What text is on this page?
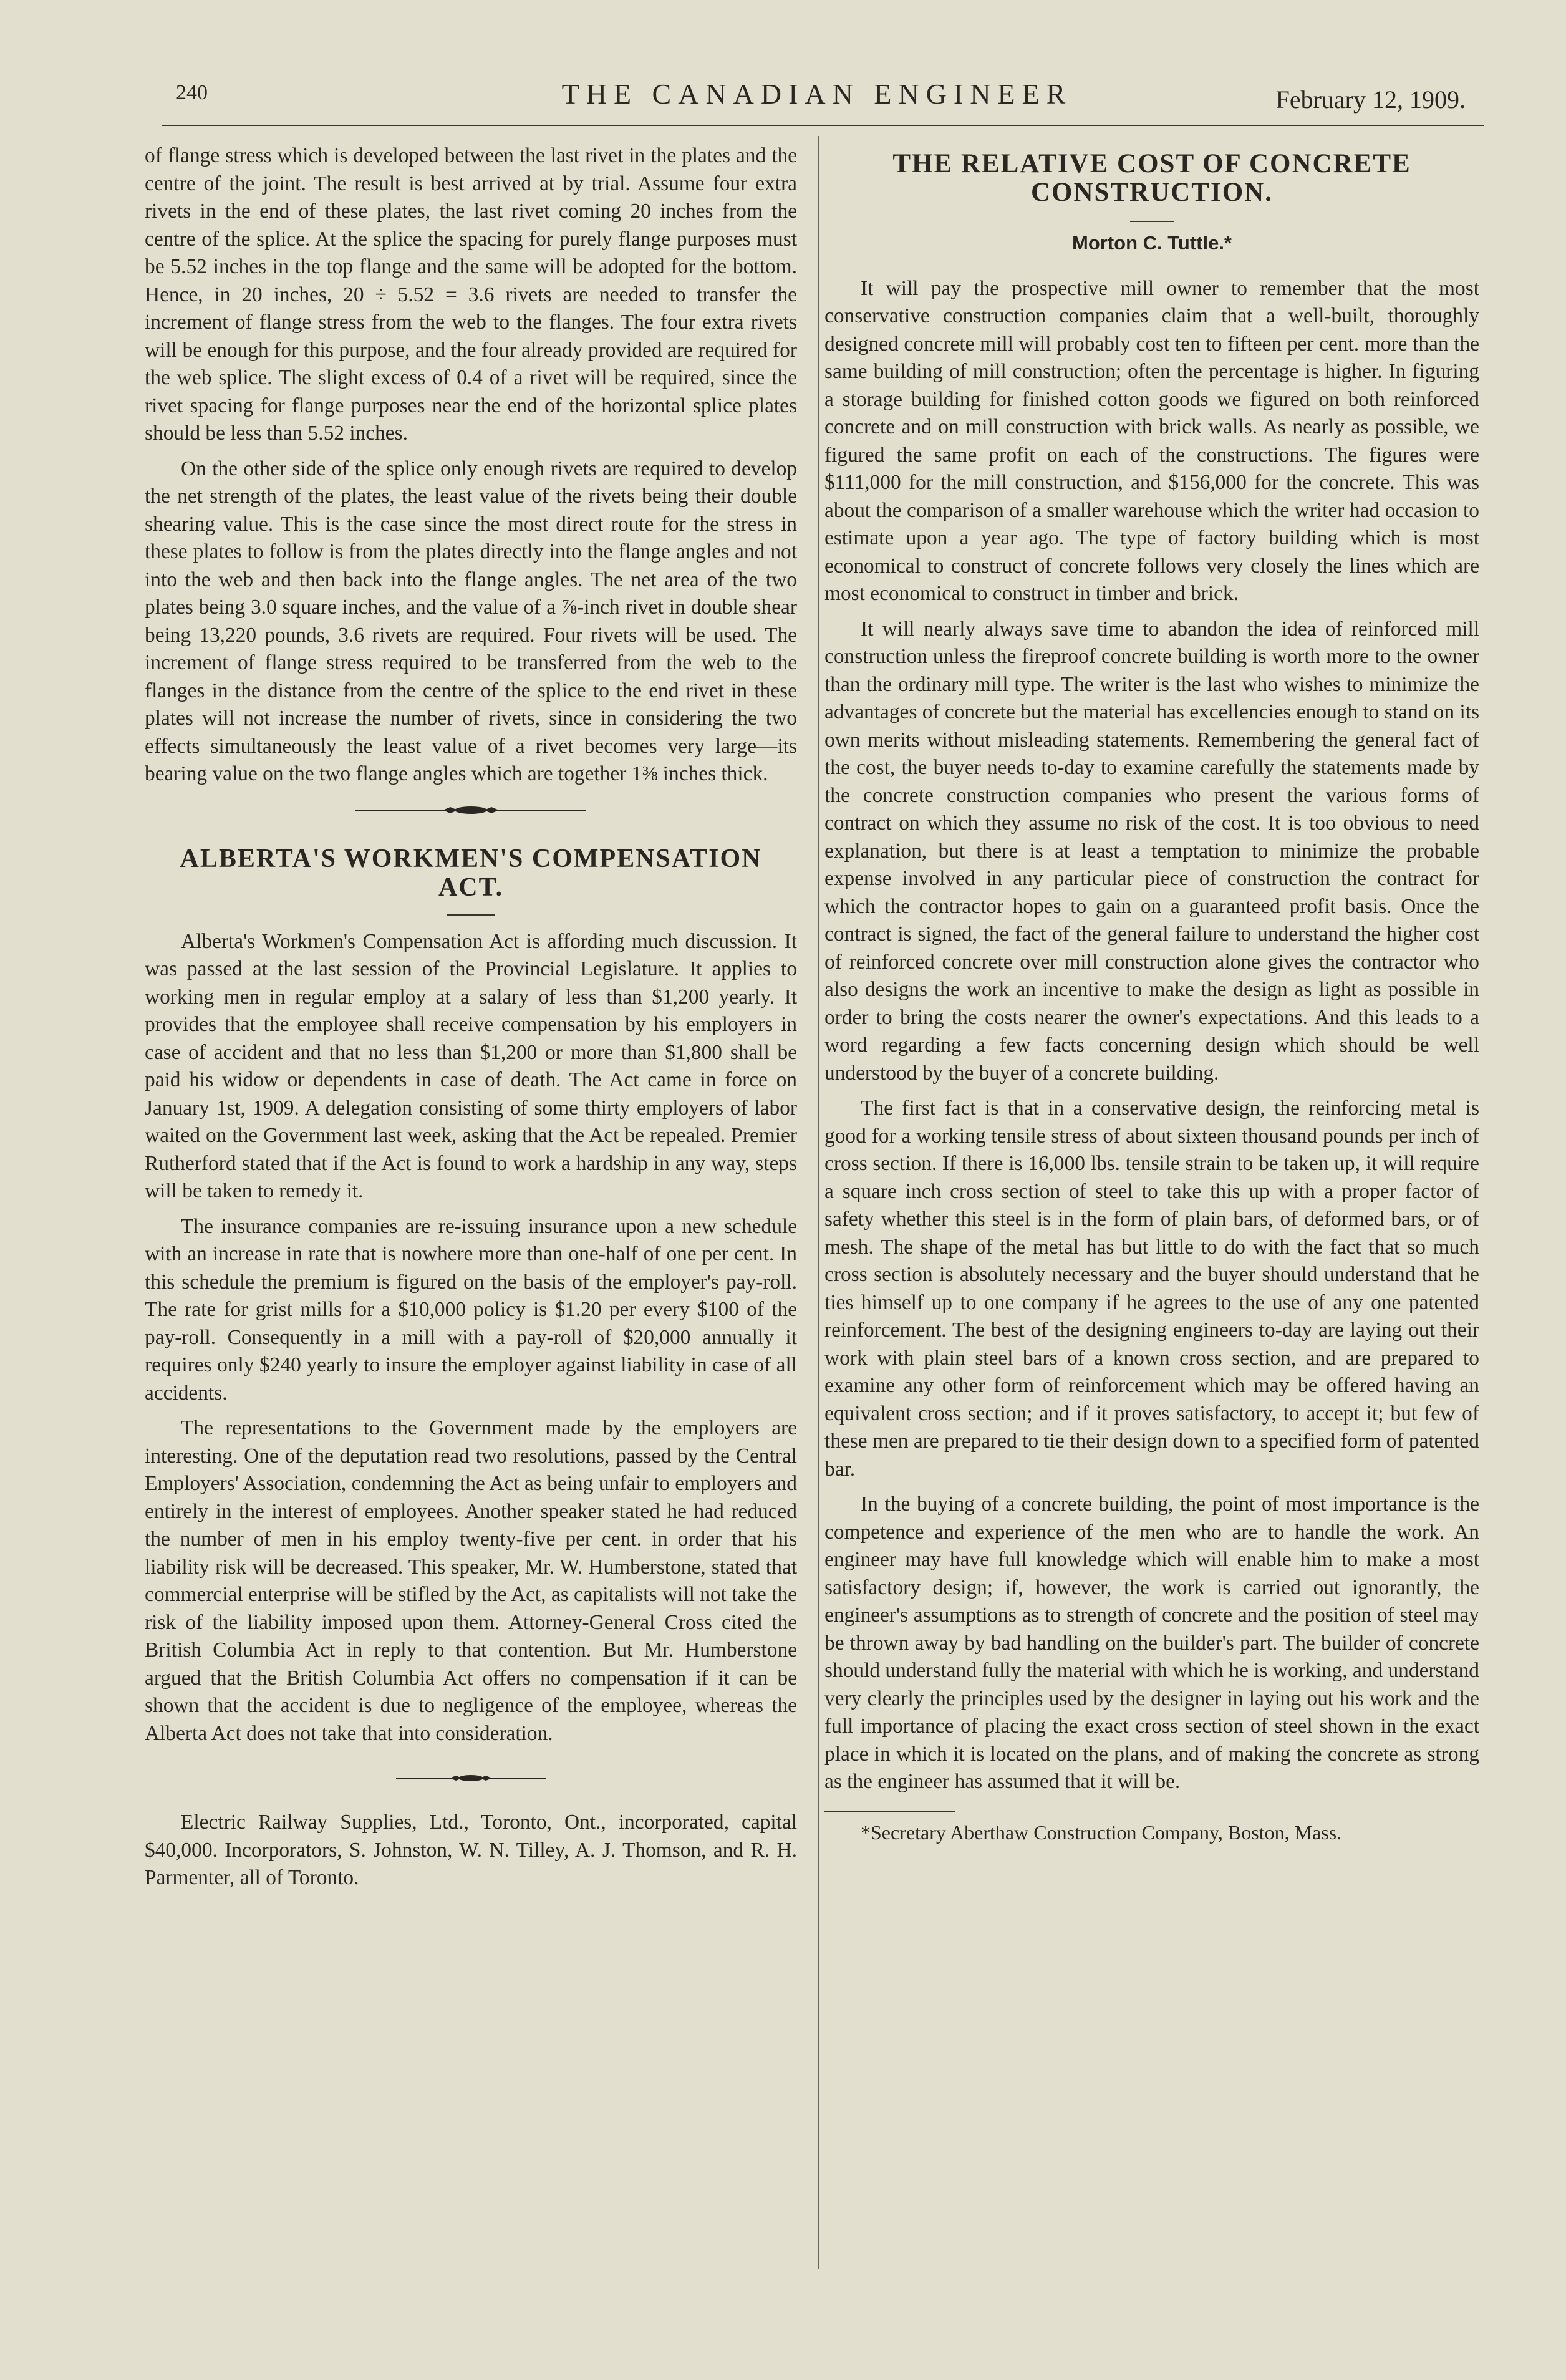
240	THE CANADIAN ENGINEER	February 12, 1909.

of flange stress which is developed between the last rivet in the plates and the centre of the joint. The result is best arrived at by trial. Assume four extra rivets in the end of these plates, the last rivet coming 20 inches from the centre of the splice. At the splice the spacing for purely flange purposes must be 5.52 inches in the top flange and the same will be adopted for the bottom. Hence, in 20 inches, 20 ÷ 5.52 = 3.6 rivets are needed to transfer the increment of flange stress from the web to the flanges. The four extra rivets will be enough for this purpose, and the four already provided are required for the web splice. The slight excess of 0.4 of a rivet will be required, since the rivet spacing for flange purposes near the end of the horizontal splice plates should be less than 5.52 inches.

On the other side of the splice only enough rivets are required to develop the net strength of the plates, the least value of the rivets being their double shearing value. This is the case since the most direct route for the stress in these plates to follow is from the plates directly into the flange angles and not into the web and then back into the flange angles. The net area of the two plates being 3.0 square inches, and the value of a ⅞-inch rivet in double shear being 13,220 pounds, 3.6 rivets are required. Four rivets will be used. The increment of flange stress required to be transferred from the web to the flanges in the distance from the centre of the splice to the end rivet in these plates will not increase the number of rivets, since in considering the two effects simultaneously the least value of a rivet becomes very large—its bearing value on the two flange angles which are together 1⅜ inches thick.

ALBERTA'S WORKMEN'S COMPENSATION ACT.

Alberta's Workmen's Compensation Act is affording much discussion. It was passed at the last session of the Provincial Legislature. It applies to working men in regular employ at a salary of less than $1,200 yearly. It provides that the employee shall receive compensation by his employers in case of accident and that no less than $1,200 or more than $1,800 shall be paid his widow or dependents in case of death. The Act came in force on January 1st, 1909. A delegation consisting of some thirty employers of labor waited on the Government last week, asking that the Act be repealed. Premier Rutherford stated that if the Act is found to work a hardship in any way, steps will be taken to remedy it.

The insurance companies are re-issuing insurance upon a new schedule with an increase in rate that is nowhere more than one-half of one per cent. In this schedule the premium is figured on the basis of the employer's pay-roll. The rate for grist mills for a $10,000 policy is $1.20 per every $100 of the pay-roll. Consequently in a mill with a pay-roll of $20,000 annually it requires only $240 yearly to insure the employer against liability in case of all accidents.

The representations to the Government made by the employers are interesting. One of the deputation read two resolutions, passed by the Central Employers' Association, condemning the Act as being unfair to employers and entirely in the interest of employees. Another speaker stated he had reduced the number of men in his employ twenty-five per cent. in order that his liability risk will be decreased. This speaker, Mr. W. Humberstone, stated that commercial enterprise will be stifled by the Act, as capitalists will not take the risk of the liability imposed upon them. Attorney-General Cross cited the British Columbia Act in reply to that contention. But Mr. Humberstone argued that the British Columbia Act offers no compensation if it can be shown that the accident is due to negligence of the employee, whereas the Alberta Act does not take that into consideration.

Electric Railway Supplies, Ltd., Toronto, Ont., incorporated, capital $40,000. Incorporators, S. Johnston, W. N. Tilley, A. J. Thomson, and R. H. Parmenter, all of Toronto.

THE RELATIVE COST OF CONCRETE CONSTRUCTION.
Morton C. Tuttle.*

It will pay the prospective mill owner to remember that the most conservative construction companies claim that a well-built, thoroughly designed concrete mill will probably cost ten to fifteen per cent. more than the same building of mill construction; often the percentage is higher. In figuring a storage building for finished cotton goods we figured on both reinforced concrete and on mill construction with brick walls. As nearly as possible, we figured the same profit on each of the constructions. The figures were $111,000 for the mill construction, and $156,000 for the concrete. This was about the comparison of a smaller warehouse which the writer had occasion to estimate upon a year ago. The type of factory building which is most economical to construct of concrete follows very closely the lines which are most economical to construct in timber and brick.

It will nearly always save time to abandon the idea of reinforced mill construction unless the fireproof concrete building is worth more to the owner than the ordinary mill type. The writer is the last who wishes to minimize the advantages of concrete but the material has excellencies enough to stand on its own merits without misleading statements. Remembering the general fact of the cost, the buyer needs to-day to examine carefully the statements made by the concrete construction companies who present the various forms of contract on which they assume no risk of the cost. It is too obvious to need explanation, but there is at least a temptation to minimize the probable expense involved in any particular piece of construction the contract for which the contractor hopes to gain on a guaranteed profit basis. Once the contract is signed, the fact of the general failure to understand the higher cost of reinforced concrete over mill construction alone gives the contractor who also designs the work an incentive to make the design as light as possible in order to bring the costs nearer the owner's expectations. And this leads to a word regarding a few facts concerning design which should be well understood by the buyer of a concrete building.

The first fact is that in a conservative design, the reinforcing metal is good for a working tensile stress of about sixteen thousand pounds per inch of cross section. If there is 16,000 lbs. tensile strain to be taken up, it will require a square inch cross section of steel to take this up with a proper factor of safety whether this steel is in the form of plain bars, of deformed bars, or of mesh. The shape of the metal has but little to do with the fact that so much cross section is absolutely necessary and the buyer should understand that he ties himself up to one company if he agrees to the use of any one patented reinforcement. The best of the designing engineers to-day are laying out their work with plain steel bars of a known cross section, and are prepared to examine any other form of reinforcement which may be offered having an equivalent cross section; and if it proves satisfactory, to accept it; but few of these men are prepared to tie their design down to a specified form of patented bar.

In the buying of a concrete building, the point of most importance is the competence and experience of the men who are to handle the work. An engineer may have full knowledge which will enable him to make a most satisfactory design; if, however, the work is carried out ignorantly, the engineer's assumptions as to strength of concrete and the position of steel may be thrown away by bad handling on the builder's part. The builder of concrete should understand fully the material with which he is working, and understand very clearly the principles used by the designer in laying out his work and the full importance of placing the exact cross section of steel shown in the exact place in which it is located on the plans, and of making the concrete as strong as the engineer has assumed that it will be.

*Secretary Aberthaw Construction Company, Boston, Mass.
